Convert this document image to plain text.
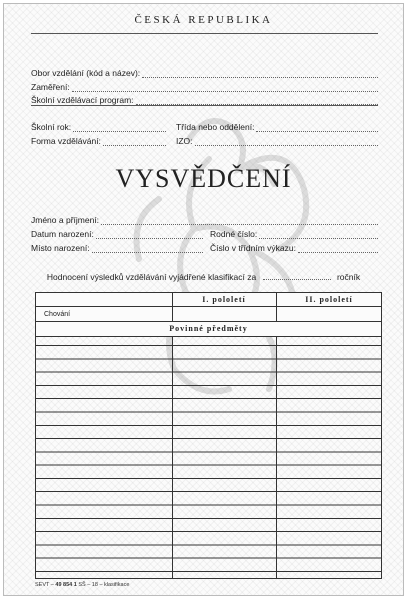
ČESKÁ REPUBLIKA
Obor vzdělání (kód a název):
Zaměření:
Školní vzdělávací program:
Školní rok:	Třída nebo oddělení:
Forma vzdělávání:	IZO:
VYSVĚDČENÍ
Jméno a příjmení:
Datum narození:	Rodné číslo:
Místo narození:	Číslo v třídním výkazu:
Hodnocení výsledků vzdělávání vyjádřené klasifikací za	ročník
I. pololetí	II. pololetí
Chování
Povinné předměty
SEVT – 49 854 1 SŠ – 18 – klasifikace
